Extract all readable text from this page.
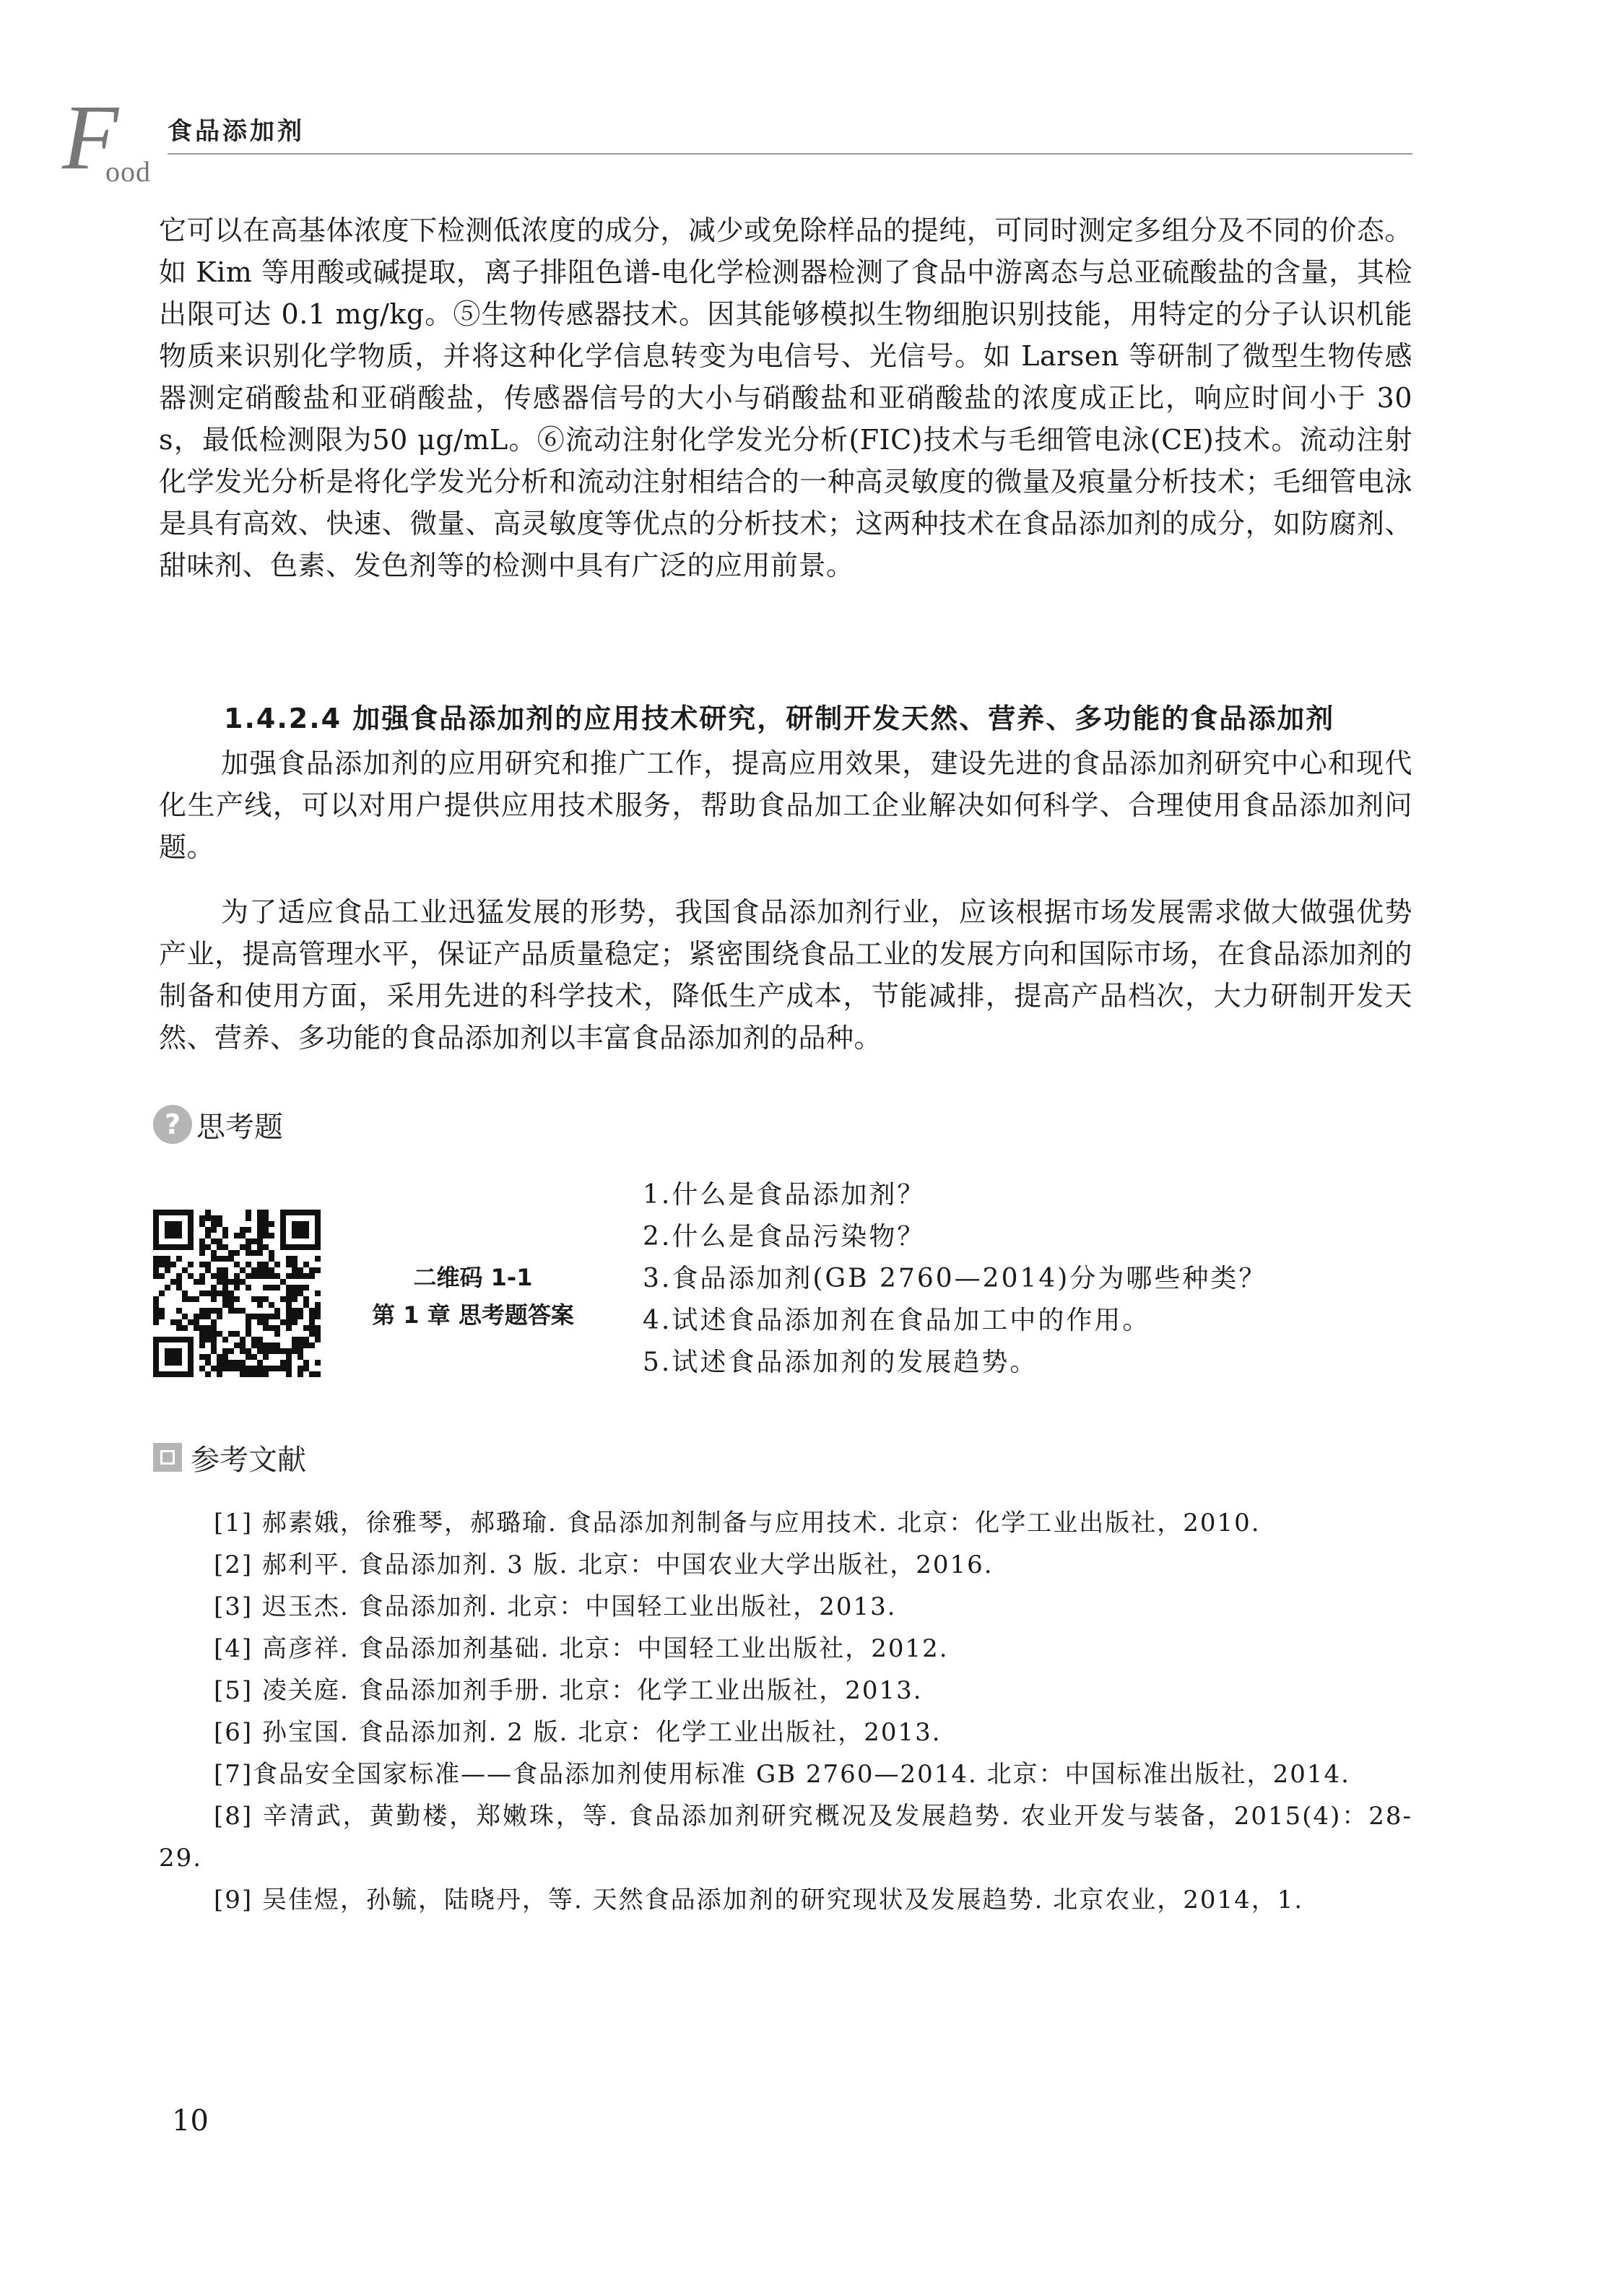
F
ood
食品添加剂
它可以在高基体浓度下检测低浓度的成分，减少或免除样品的提纯，可同时测定多组分及不同的价态。如 Kim 等用酸或碱提取，离子排阻色谱-电化学检测器检测了食品中游离态与总亚硫酸盐的含量，其检出限可达 0.1 mg/kg。⑤生物传感器技术。因其能够模拟生物细胞识别技能，用特定的分子认识机能物质来识别化学物质，并将这种化学信息转变为电信号、光信号。如 Larsen 等研制了微型生物传感器测定硝酸盐和亚硝酸盐，传感器信号的大小与硝酸盐和亚硝酸盐的浓度成正比，响应时间小于 30 s，最低检测限为50 μg/mL。⑥流动注射化学发光分析(FIC)技术与毛细管电泳(CE)技术。流动注射化学发光分析是将化学发光分析和流动注射相结合的一种高灵敏度的微量及痕量分析技术；毛细管电泳是具有高效、快速、微量、高灵敏度等优点的分析技术；这两种技术在食品添加剂的成分，如防腐剂、甜味剂、色素、发色剂等的检测中具有广泛的应用前景。
1.4.2.4 加强食品添加剂的应用技术研究，研制开发天然、营养、多功能的食品添加剂
加强食品添加剂的应用研究和推广工作，提高应用效果，建设先进的食品添加剂研究中心和现代化生产线，可以对用户提供应用技术服务，帮助食品加工企业解决如何科学、合理使用食品添加剂问题。
为了适应食品工业迅猛发展的形势，我国食品添加剂行业，应该根据市场发展需求做大做强优势产业，提高管理水平，保证产品质量稳定；紧密围绕食品工业的发展方向和国际市场，在食品添加剂的制备和使用方面，采用先进的科学技术，降低生产成本，节能减排，提高产品档次，大力研制开发天然、营养、多功能的食品添加剂以丰富食品添加剂的品种。
? 思考题
二维码 1-1
第 1 章 思考题答案
1.什么是食品添加剂？
2.什么是食品污染物？
3.食品添加剂(GB 2760—2014)分为哪些种类？
4.试述食品添加剂在食品加工中的作用。
5.试述食品添加剂的发展趋势。
参考文献
[1] 郝素娥，徐雅琴，郝璐瑜. 食品添加剂制备与应用技术. 北京：化学工业出版社，2010.
[2] 郝利平. 食品添加剂. 3 版. 北京：中国农业大学出版社，2016.
[3] 迟玉杰. 食品添加剂. 北京：中国轻工业出版社，2013.
[4] 高彦祥. 食品添加剂基础. 北京：中国轻工业出版社，2012.
[5] 凌关庭. 食品添加剂手册. 北京：化学工业出版社，2013.
[6] 孙宝国. 食品添加剂. 2 版. 北京：化学工业出版社，2013.
[7]食品安全国家标准——食品添加剂使用标准 GB 2760—2014. 北京：中国标准出版社，2014.
[8] 辛清武，黄勤楼，郑嫩珠，等. 食品添加剂研究概况及发展趋势. 农业开发与装备，2015(4)：28-29.
[9] 吴佳煜，孙毓，陆晓丹，等. 天然食品添加剂的研究现状及发展趋势. 北京农业，2014，1.
10
